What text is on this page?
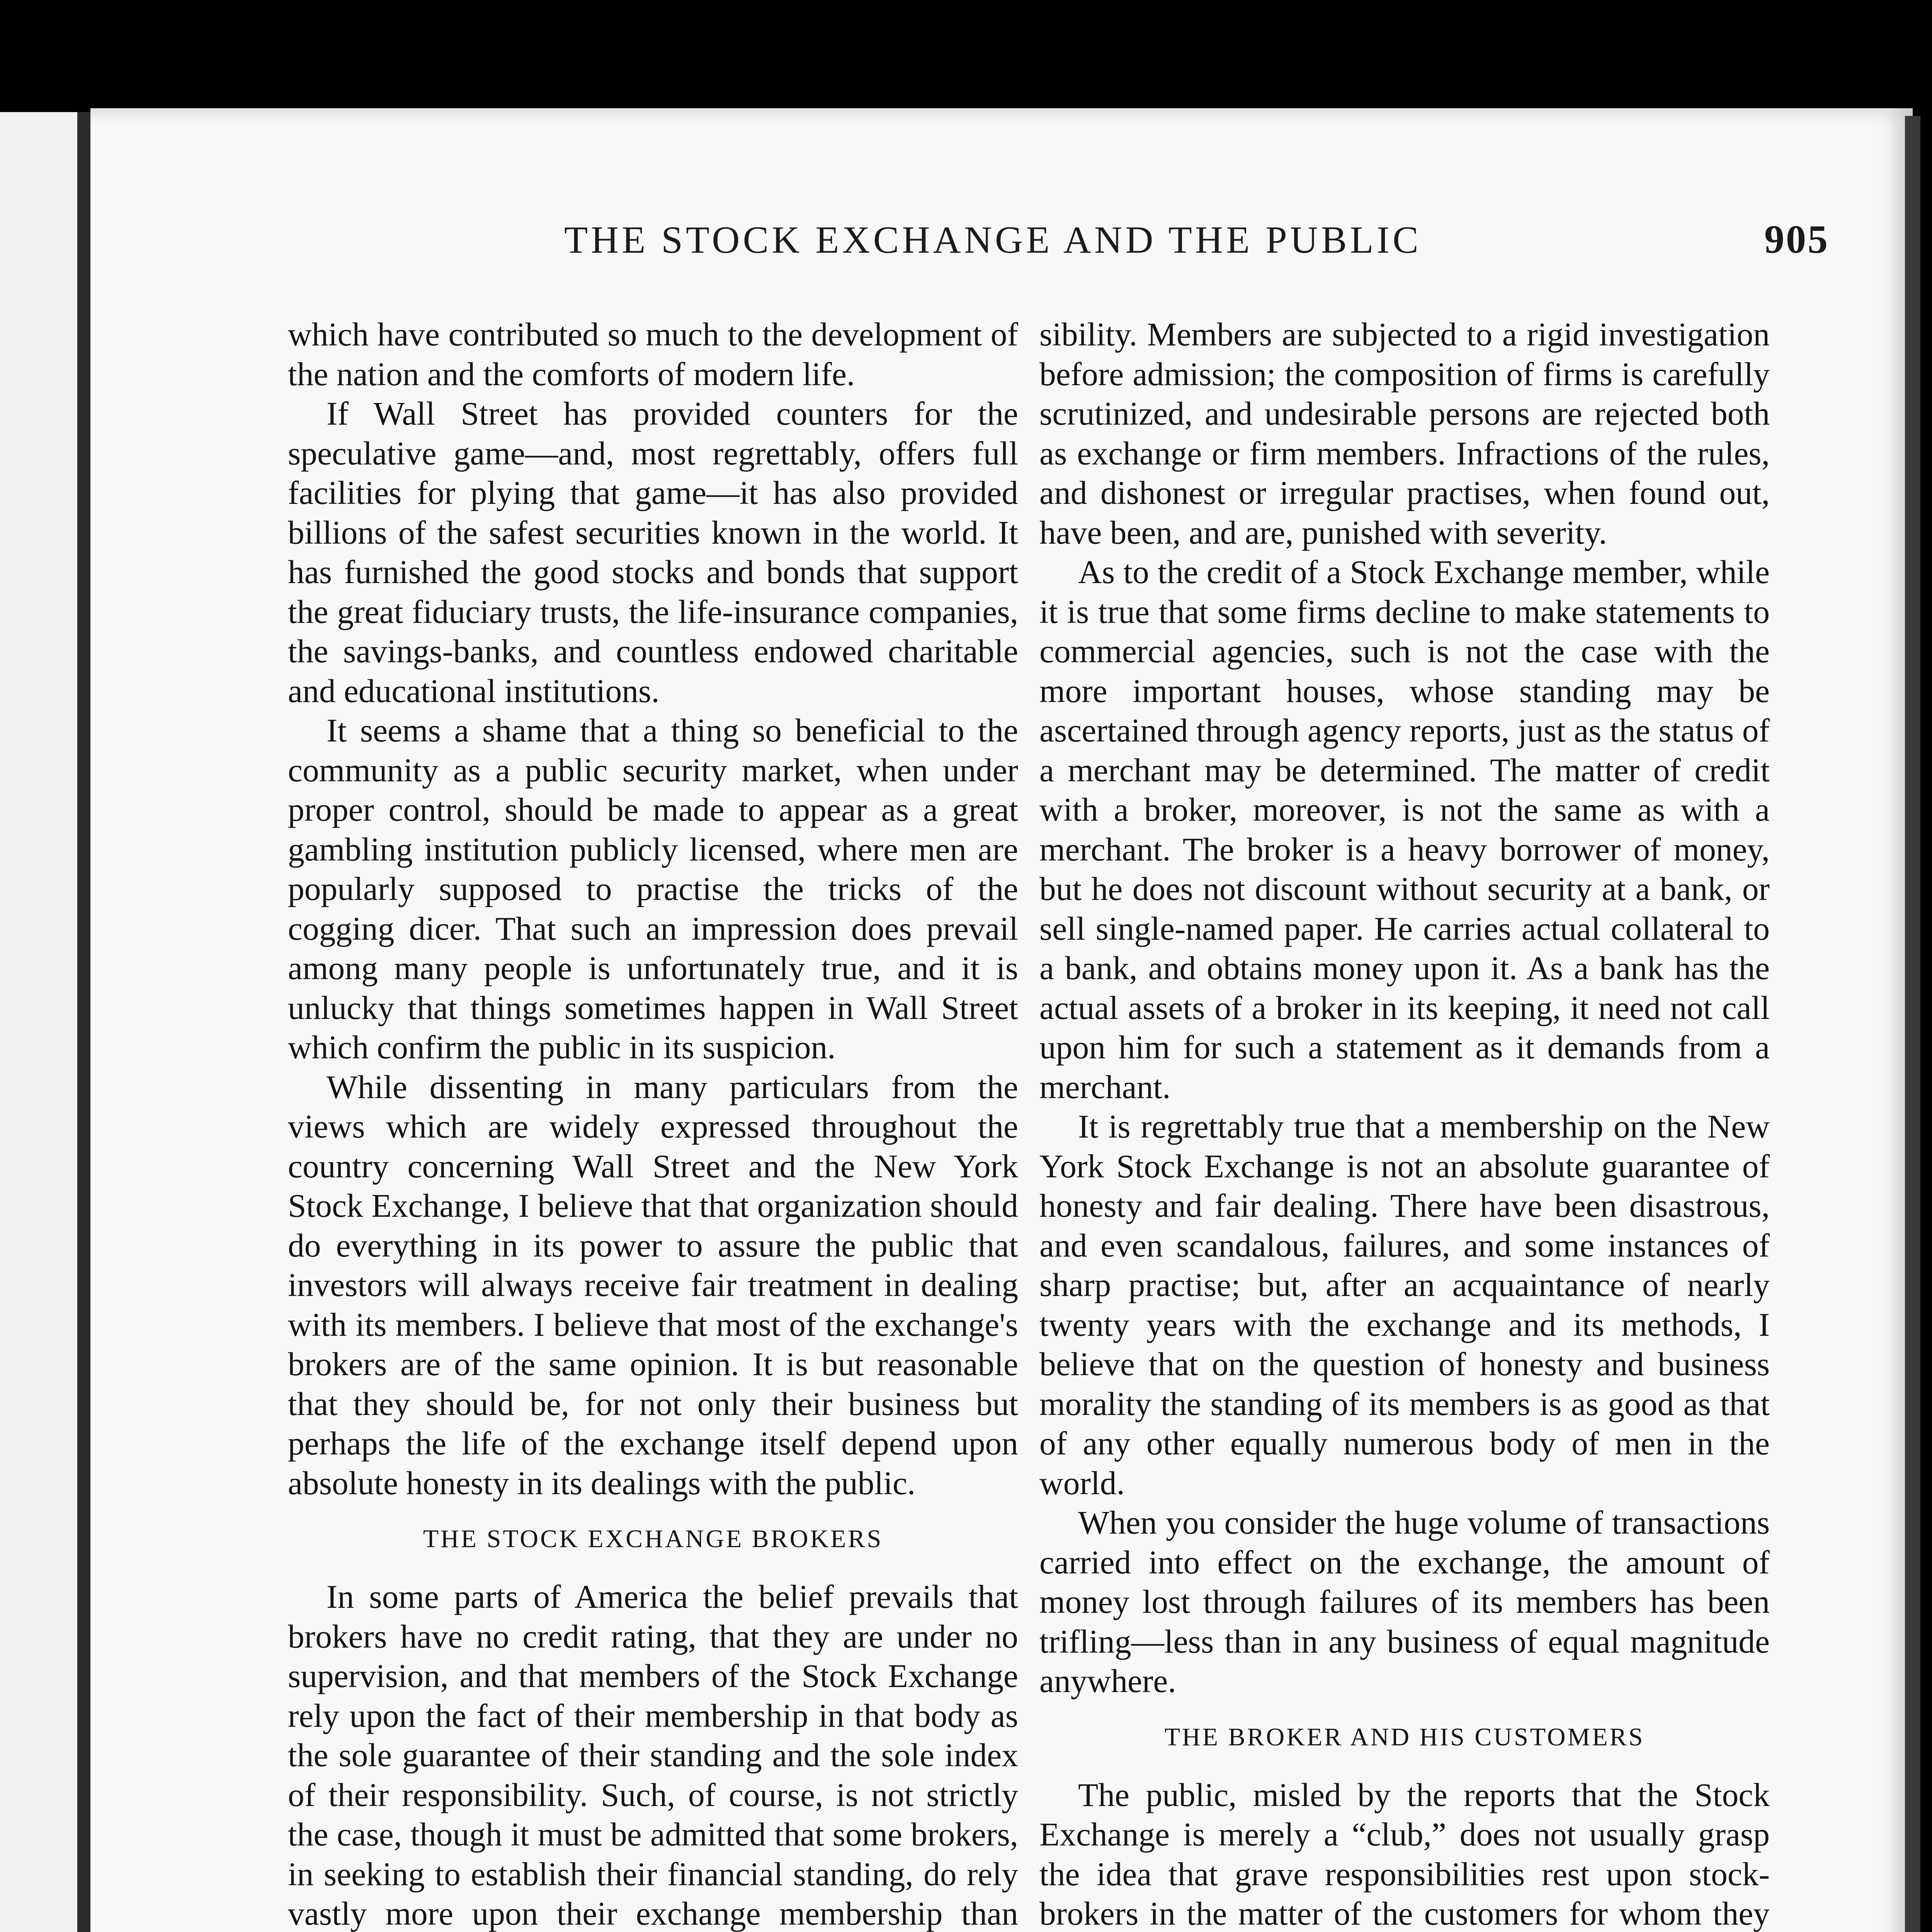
THE STOCK EXCHANGE AND THE PUBLIC	905

which have contributed so much to the development of the nation and the comforts of modern life.

If Wall Street has provided counters for the speculative game—and, most regrettably, offers full facilities for plying that game—it has also provided billions of the safest securities known in the world. It has furnished the good stocks and bonds that support the great fiduciary trusts, the life-insurance companies, the savings-banks, and countless endowed charitable and educational institutions.

It seems a shame that a thing so beneficial to the community as a public security market, when under proper control, should be made to appear as a great gambling institution publicly licensed, where men are popularly supposed to practise the tricks of the cogging dicer. That such an impression does prevail among many people is unfortunately true, and it is unlucky that things sometimes happen in Wall Street which confirm the public in its suspicion.

While dissenting in many particulars from the views which are widely expressed throughout the country concerning Wall Street and the New York Stock Exchange, I believe that that organization should do everything in its power to assure the public that investors will always receive fair treatment in dealing with its members. I believe that most of the exchange's brokers are of the same opinion. It is but reasonable that they should be, for not only their business but perhaps the life of the exchange itself depend upon absolute honesty in its dealings with the public.

THE STOCK EXCHANGE BROKERS

In some parts of America the belief prevails that brokers have no credit rating, that they are under no supervision, and that members of the Stock Exchange rely upon the fact of their membership in that body as the sole guarantee of their standing and the sole index of their responsibility. Such, of course, is not strictly the case, though it must be admitted that some brokers, in seeking to establish their financial standing, do rely vastly more upon their exchange membership than

sibility. Members are subjected to a rigid investigation before admission; the composition of firms is carefully scrutinized, and undesirable persons are rejected both as exchange or firm members. Infractions of the rules, and dishonest or irregular practises, when found out, have been, and are, punished with severity.

As to the credit of a Stock Exchange member, while it is true that some firms decline to make statements to commercial agencies, such is not the case with the more important houses, whose standing may be ascertained through agency reports, just as the status of a merchant may be determined. The matter of credit with a broker, moreover, is not the same as with a merchant. The broker is a heavy borrower of money, but he does not discount without security at a bank, or sell single-named paper. He carries actual collateral to a bank, and obtains money upon it. As a bank has the actual assets of a broker in its keeping, it need not call upon him for such a statement as it demands from a merchant.

It is regrettably true that a membership on the New York Stock Exchange is not an absolute guarantee of honesty and fair dealing. There have been disastrous, and even scandalous, failures, and some instances of sharp practise; but, after an acquaintance of nearly twenty years with the exchange and its methods, I believe that on the question of honesty and business morality the standing of its members is as good as that of any other equally numerous body of men in the world.

When you consider the huge volume of transactions carried into effect on the exchange, the amount of money lost through failures of its members has been trifling—less than in any business of equal magnitude anywhere.

THE BROKER AND HIS CUSTOMERS

The public, misled by the reports that the Stock Exchange is merely a “club,” does not usually grasp the idea that grave responsibilities rest upon stock-brokers in the matter of the customers for whom they
